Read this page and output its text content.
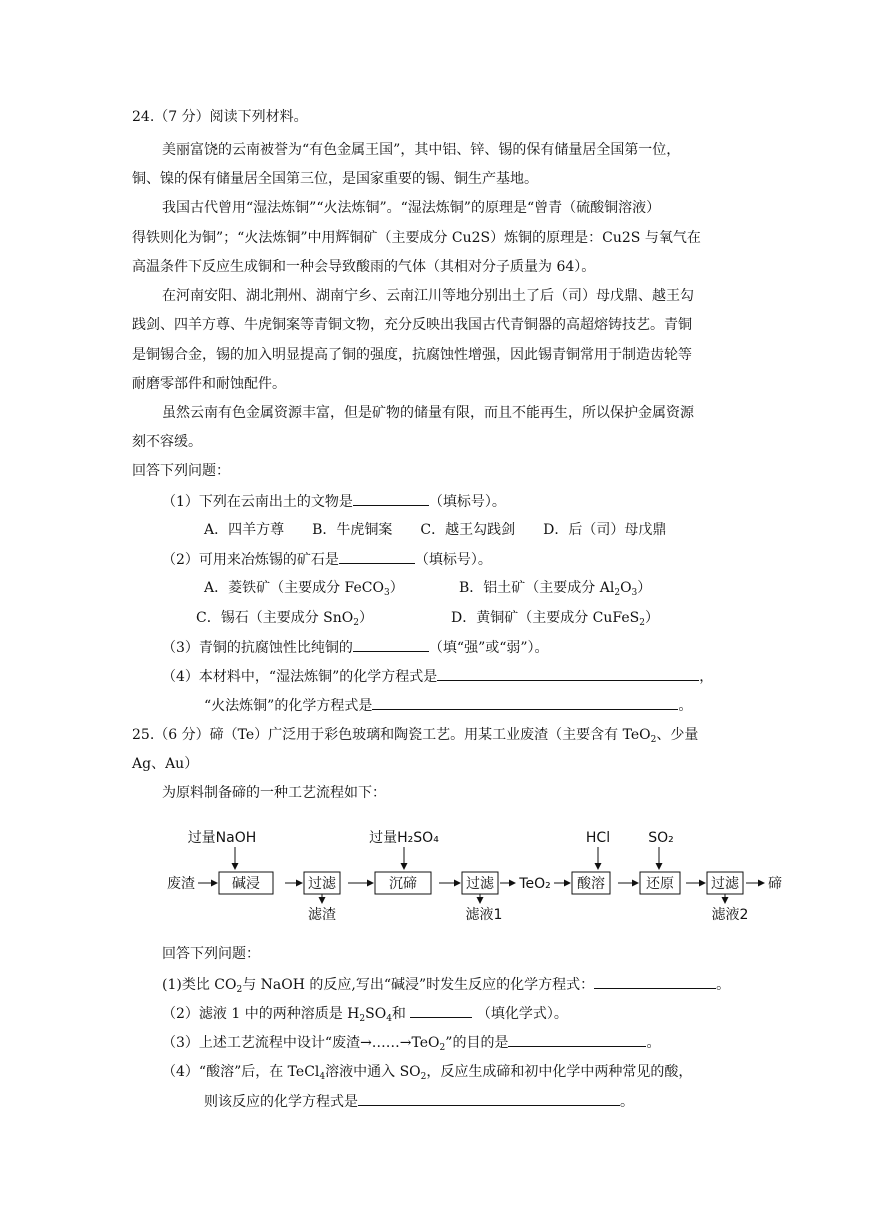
24.（7 分）阅读下列材料。
美丽富饶的云南被誉为“有色金属王国”，其中铝、锌、锡的保有储量居全国第一位，
铜、镍的保有储量居全国第三位，是国家重要的锡、铜生产基地。
我国古代曾用“湿法炼铜”“火法炼铜”。“湿法炼铜”的原理是“曾青（硫酸铜溶液）
得铁则化为铜”；“火法炼铜”中用辉铜矿（主要成分 Cu2S）炼铜的原理是：Cu2S 与氧气在
高温条件下反应生成铜和一种会导致酸雨的气体（其相对分子质量为 64）。
在河南安阳、湖北荆州、湖南宁乡、云南江川等地分别出土了后（司）母戊鼎、越王勾
践剑、四羊方尊、牛虎铜案等青铜文物，充分反映出我国古代青铜器的高超熔铸技艺。青铜
是铜锡合金，锡的加入明显提高了铜的强度，抗腐蚀性增强，因此锡青铜常用于制造齿轮等
耐磨零部件和耐蚀配件。
虽然云南有色金属资源丰富，但是矿物的储量有限，而且不能再生，所以保护金属资源
刻不容缓。
回答下列问题：
（1）下列在云南出土的文物是	（填标号）。
A．四羊方尊　　B．牛虎铜案　　C．越王勾践剑　　D．后（司）母戊鼎
（2）可用来冶炼锡的矿石是	（填标号）。
A．菱铁矿（主要成分 FeCO$_3$）	B．铝土矿（主要成分 $Al_2O_3$）
C．锡石（主要成分 SnO$_2$）	D．黄铜矿（主要成分 CuFeS$_2$）
（3）青铜的抗腐蚀性比纯铜的	（填“强”或“弱”）。
（4）本材料中，“湿法炼铜”的化学方程式是	，
“火法炼铜”的化学方程式是	。
25.（6 分）碲（Te）广泛用于彩色玻璃和陶瓷工艺。用某工业废渣（主要含有 TeO$_2$、少量
Ag、Au）
为原料制备碲的一种工艺流程如下：
废渣	碱浸
过量NaOH
过滤
滤渣
沉碲
过量H₂SO₄
过滤
滤液1
TeO₂ 酸溶
HCl
还原
SO₂
过滤
滤液2
碲
回答下列问题：
(1)类比 $CO_2$与 NaOH 的反应,写出“碱浸”时发生反应的化学方程式：	。
（2）滤液 1 中的两种溶质是 $H_2SO_4$和	（填化学式）。
（3）上述工艺流程中设计“废渣→……→TeO$_2$”的目的是	。
（4）“酸溶”后，在 TeCl$_4$溶液中通入 $SO_2$，反应生成碲和初中化学中两种常见的酸，
则该反应的化学方程式是	。
